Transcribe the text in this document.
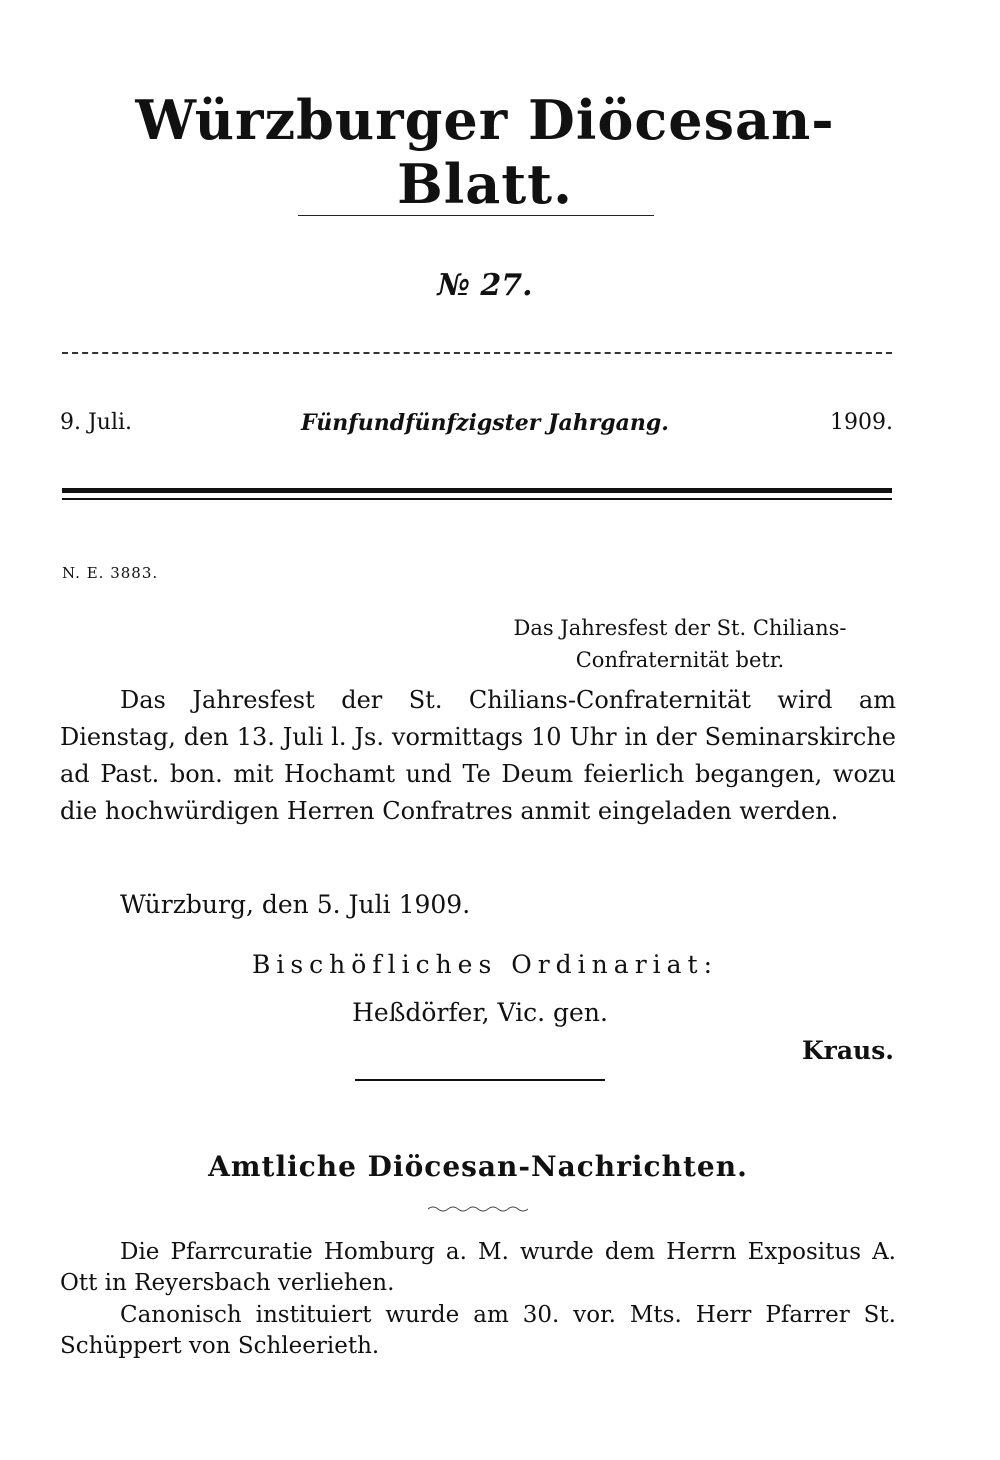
Würzburger Diöcesan-Blatt.
№ 27.
9. Juli.	Fünfundfünfzigster Jahrgang.	1909.
N. E. 3883.
Das Jahresfest der St. Chilians-
Confraternität betr.
Das Jahresfest der St. Chilians-Confraternität wird am Dienstag, den 13. Juli l. Js. vormittags 10 Uhr in der Seminarskirche ad Past. bon. mit Hochamt und Te Deum feierlich begangen, wozu die hochwürdigen Herren Confratres anmit eingeladen werden.
Würzburg, den 5. Juli 1909.
Bischöfliches Ordinariat:
Heßdörfer, Vic. gen.
Kraus.
Amtliche Diöcesan-Nachrichten.
Die Pfarrcuratie Homburg a. M. wurde dem Herrn Expositus A. Ott in Reyersbach verliehen.
Canonisch instituiert wurde am 30. vor. Mts. Herr Pfarrer St. Schüppert von Schleerieth.
